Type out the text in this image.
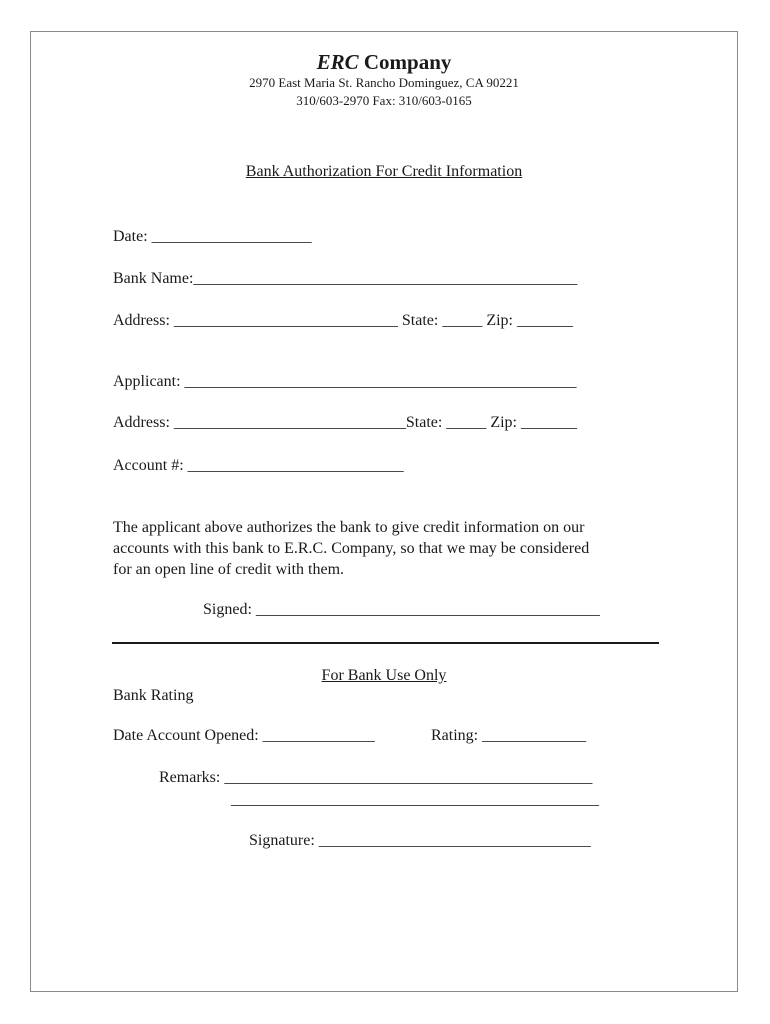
ERC Company
2970 East Maria St. Rancho Dominguez, CA 90221
310/603-2970 Fax: 310/603-0165
Bank Authorization For Credit Information
Date: ____________________
Bank Name:________________________________________________
Address: ____________________________ State: _____ Zip: _______
Applicant: _________________________________________________
Address: _____________________________State: _____ Zip: _______
Account #: ___________________________
The applicant above authorizes the bank to give credit information on our
accounts with this bank to E.R.C. Company, so that we may be considered
for an open line of credit with them.
Signed: ___________________________________________
For Bank Use Only
Bank Rating
Date Account Opened: ______________	Rating: _____________
Remarks: ______________________________________________
______________________________________________
Signature: __________________________________
